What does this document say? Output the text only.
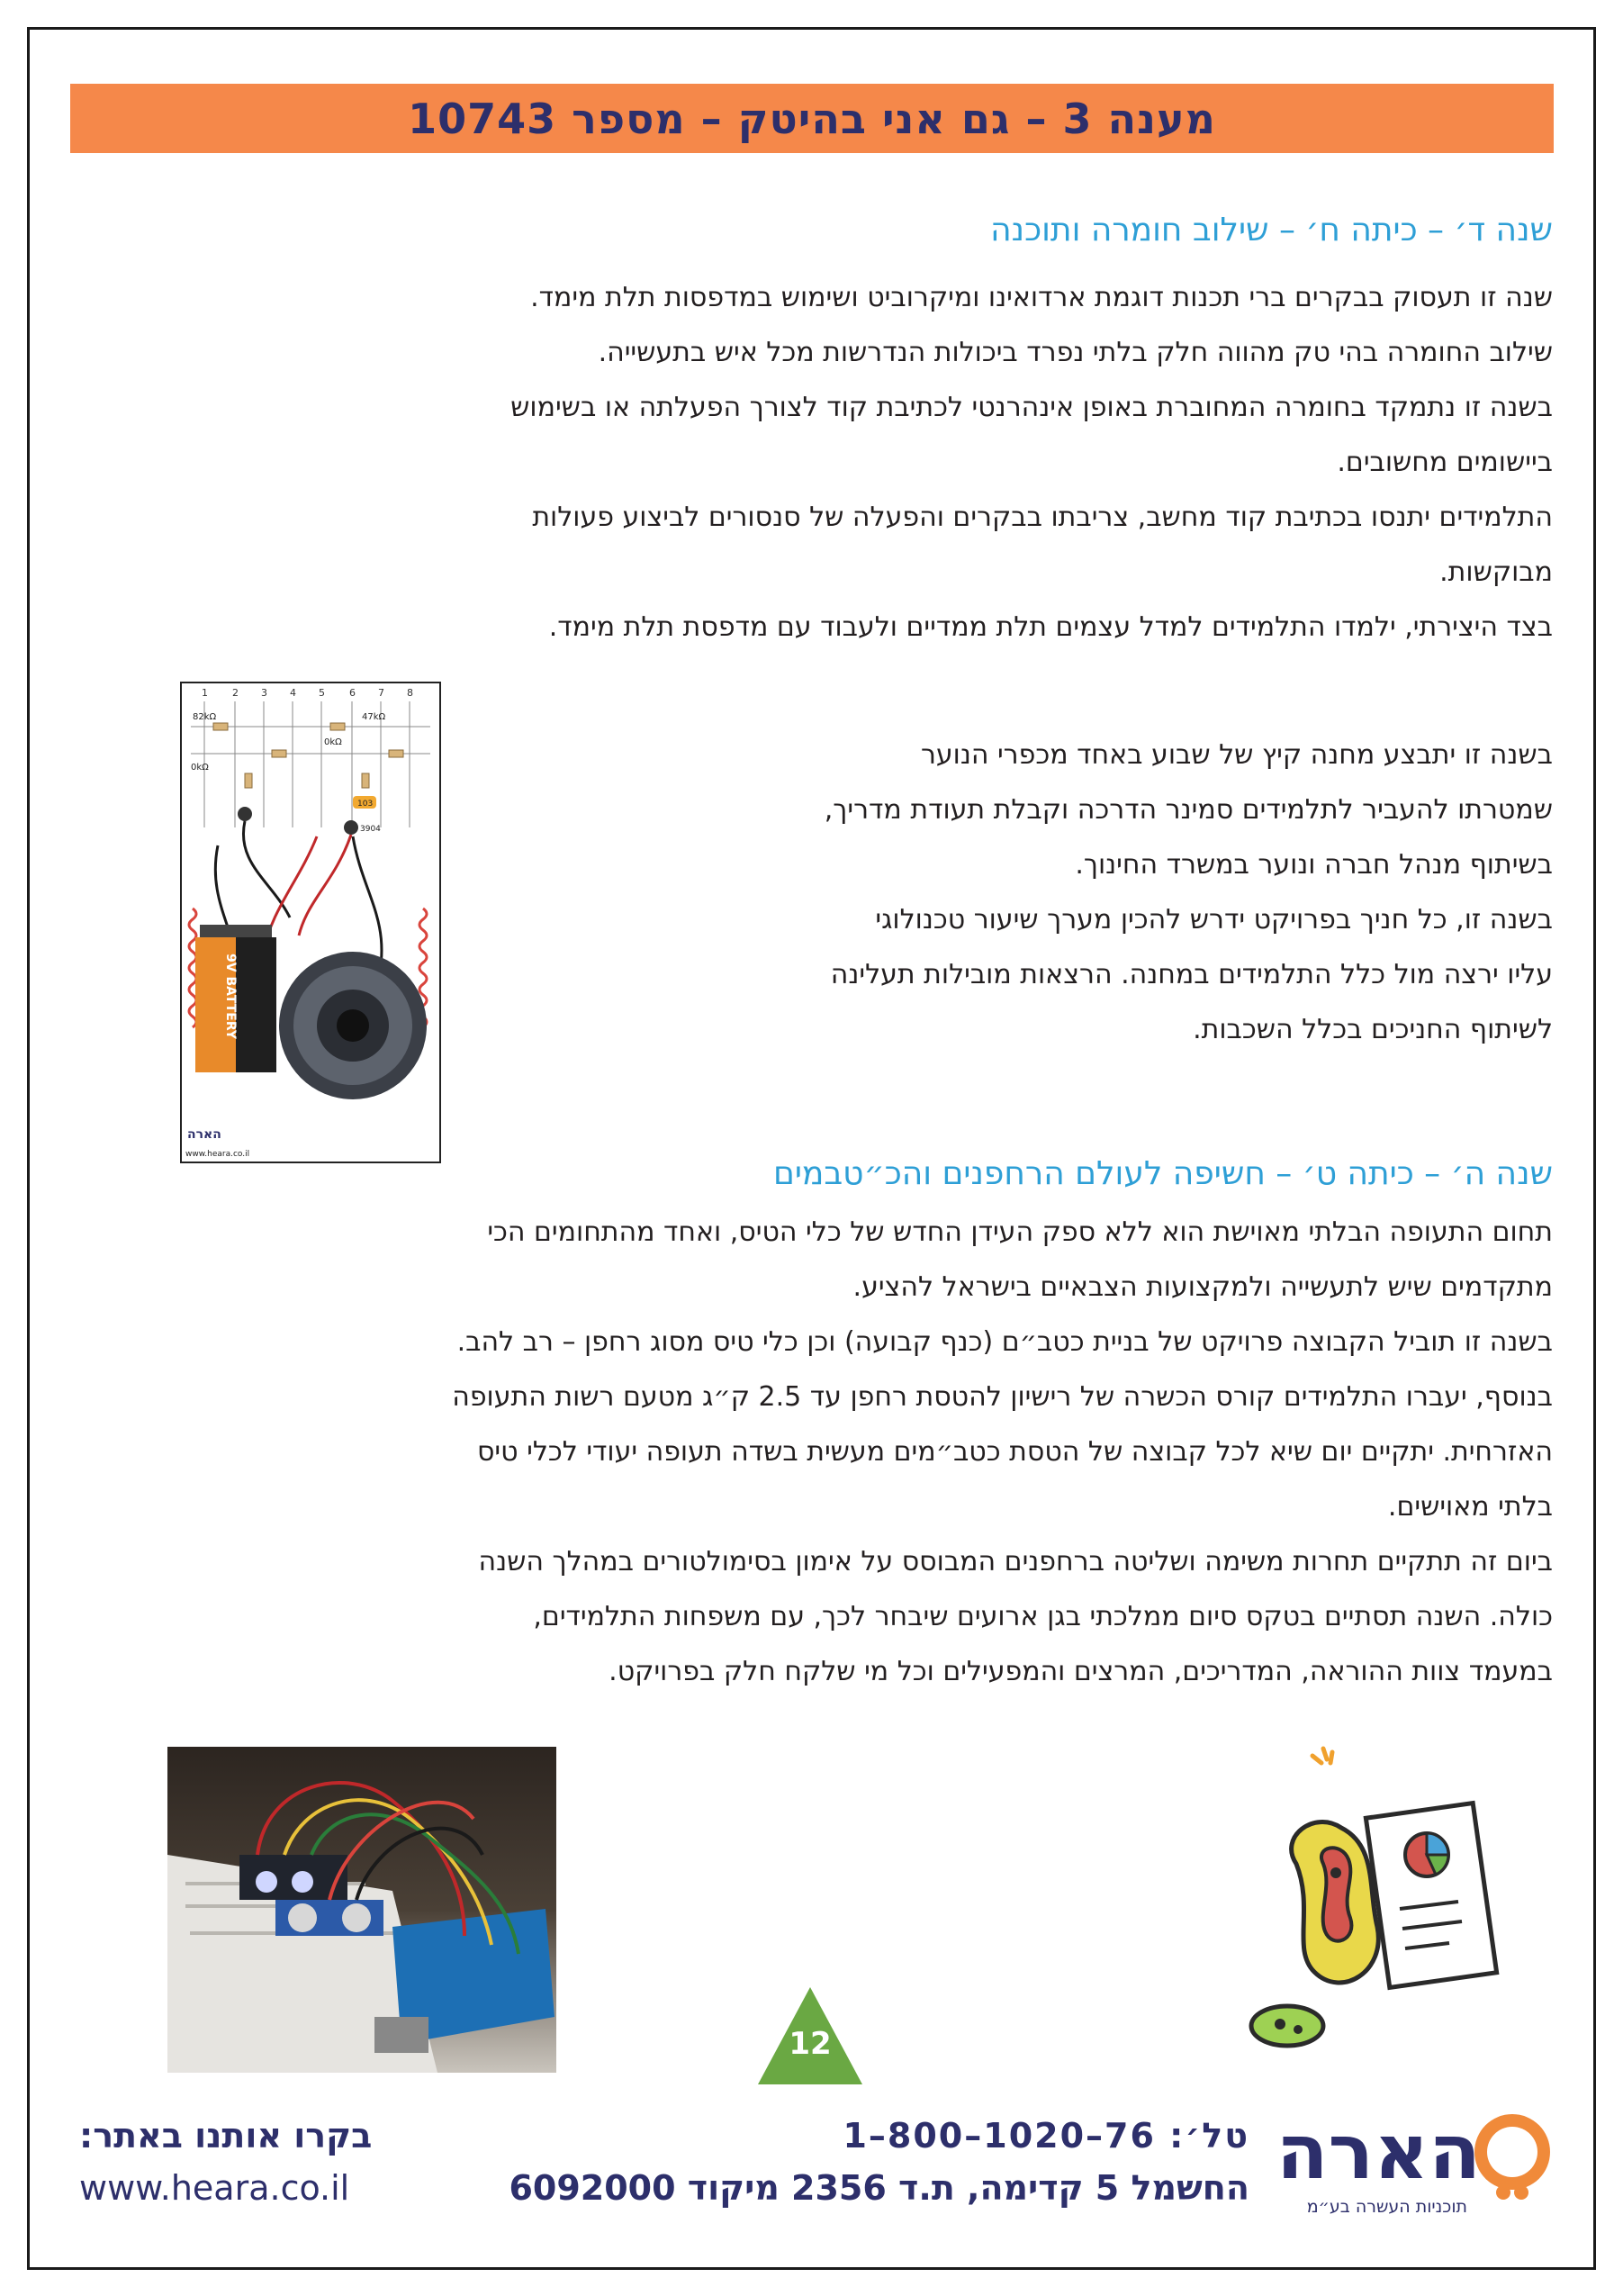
מענה 3 – גם אני בהיטק – מספר 10743
שנה ד׳ – כיתה ח׳ – שילוב חומרה ותוכנה

שנה זו תעסוק בבקרים ברי תכנות דוגמת ארדואינו ומיקרוביט ושימוש במדפסות תלת מימד.

שילוב החומרה בהי טק מהווה חלק בלתי נפרד ביכולות הנדרשות מכל איש בתעשייה.

בשנה זו נתמקד בחומרה המחוברת באופן אינהרנטי לכתיבת קוד לצורך הפעלתה או בשימוש

ביישומים מחשובים.

התלמידים יתנסו בכתיבת קוד מחשב, צריבתו בבקרים והפעלה של סנסורים לביצוע פעולות

מבוקשות.

בצד היצירתי, ילמדו התלמידים למדל עצמים תלת ממדיים ולעבוד עם מדפסת תלת מימד.

בשנה זו יתבצע מחנה קיץ של שבוע באחד מכפרי הנוער

שמטרתו להעביר לתלמידים סמינר הדרכה וקבלת תעודת מדריך,

בשיתוף מנהל חברה ונוער במשרד החינוך.

בשנה זו, כל חניך בפרויקט ידרש להכין מערך שיעור טכנולוגי

עליו ירצה מול כלל התלמידים במחנה. הרצאות מובילות תעלינה

לשיתוף החניכים בכלל השכבות.

1 2 3 4 5 6 7 8
82kΩ
0kΩ
47kΩ
0kΩ
103
3904
9V BATTERY
הארה
www.heara.co.il
שנה ה׳ – כיתה ט׳ – חשיפה לעולם הרחפנים והכ״טבמים

תחום התעופה הבלתי מאוישת הוא ללא ספק העידן החדש של כלי הטיס, ואחד מהתחומים הכי

מתקדמים שיש לתעשייה ולמקצועות הצבאיים בישראל להציע.

בשנה זו תוביל הקבוצה פרויקט של בניית כטב״ם (כנף קבועה) וכן כלי טיס מסוג רחפן – רב להב.

בנוסף, יעברו התלמידים קורס הכשרה של רישיון להטסת רחפן עד 2.5 ק״ג מטעם רשות התעופה

האזרחית. יתקיים יום שיא לכל קבוצה של הטסת כטב״מים מעשית בשדה תעופה יעודי לכלי טיס

בלתי מאוישים.

ביום זה תתקיים תחרות משימה ושליטה ברחפנים המבוסס על אימון בסימולטורים במהלך השנה

כולה. השנה תסתיים בטקס סיום ממלכתי בגן ארועים שיבחר לכך, עם משפחות התלמידים,

במעמד צוות ההוראה, המדריכים, המרצים והמפעילים וכל מי שלקח חלק בפרויקט.

12
טל׳: 76–1020–800–1
החשמל 5 קדימה, ת.ד 2356 מיקוד 6092000
בקרו אותנו באתר:
www.heara.co.il	הארה
תוכניות העשרה בע״מ
